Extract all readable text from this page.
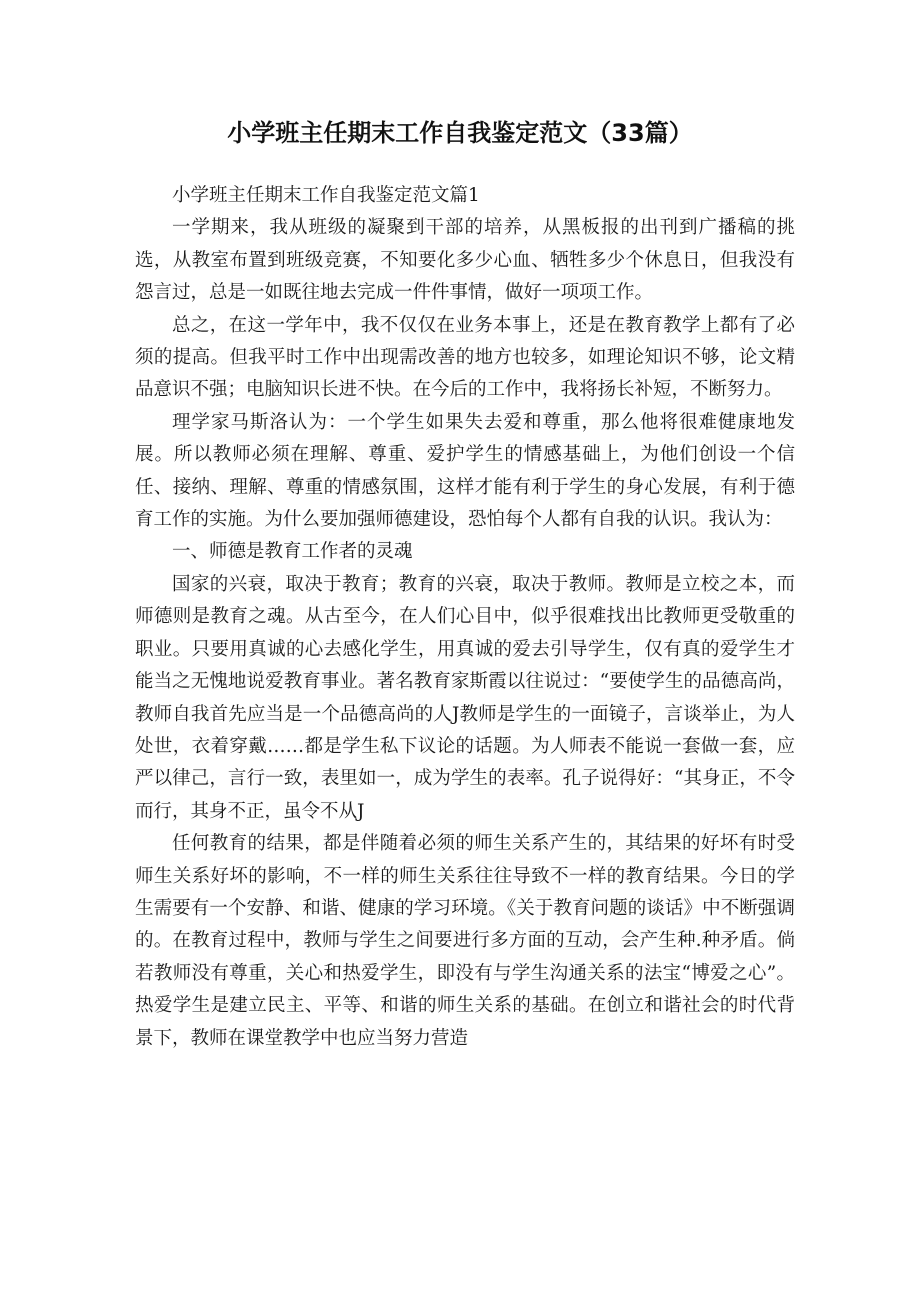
小学班主任期末工作自我鉴定范文（33篇）

小学班主任期末工作自我鉴定范文篇1

一学期来，我从班级的凝聚到干部的培养，从黑板报的出刊到广播稿的挑选，从教室布置到班级竞赛，不知要化多少心血、牺牲多少个休息日，但我没有怨言过，总是一如既往地去完成一件件事情，做好一项项工作。

总之，在这一学年中，我不仅仅在业务本事上，还是在教育教学上都有了必须的提高。但我平时工作中出现需改善的地方也较多，如理论知识不够，论文精品意识不强；电脑知识长进不快。在今后的工作中，我将扬长补短，不断努力。

理学家马斯洛认为：一个学生如果失去爱和尊重，那么他将很难健康地发展。所以教师必须在理解、尊重、爱护学生的情感基础上，为他们创设一个信任、接纳、理解、尊重的情感氛围，这样才能有利于学生的身心发展，有利于德育工作的实施。为什么要加强师德建设，恐怕每个人都有自我的认识。我认为：

一、师德是教育工作者的灵魂

国家的兴衰，取决于教育；教育的兴衰，取决于教师。教师是立校之本，而师德则是教育之魂。从古至今，在人们心目中，似乎很难找出比教师更受敬重的职业。只要用真诚的心去感化学生，用真诚的爱去引导学生，仅有真的爱学生才能当之无愧地说爱教育事业。著名教育家斯霞以往说过：“要使学生的品德高尚，教师自我首先应当是一个品德高尚的人J教师是学生的一面镜子，言谈举止，为人处世，衣着穿戴……都是学生私下议论的话题。为人师表不能说一套做一套，应严以律己，言行一致，表里如一，成为学生的表率。孔子说得好：“其身正，不令而行，其身不正，虽令不从J

任何教育的结果，都是伴随着必须的师生关系产生的，其结果的好坏有时受师生关系好坏的影响，不一样的师生关系往往导致不一样的教育结果。今日的学生需要有一个安静、和谐、健康的学习环境。《关于教育问题的谈话》中不断强调的。在教育过程中，教师与学生之间要进行多方面的互动，会产生种.种矛盾。倘若教师没有尊重，关心和热爱学生，即没有与学生沟通关系的法宝“博爱之心”。热爱学生是建立民主、平等、和谐的师生关系的基础。在创立和谐社会的时代背景下，教师在课堂教学中也应当努力营造
